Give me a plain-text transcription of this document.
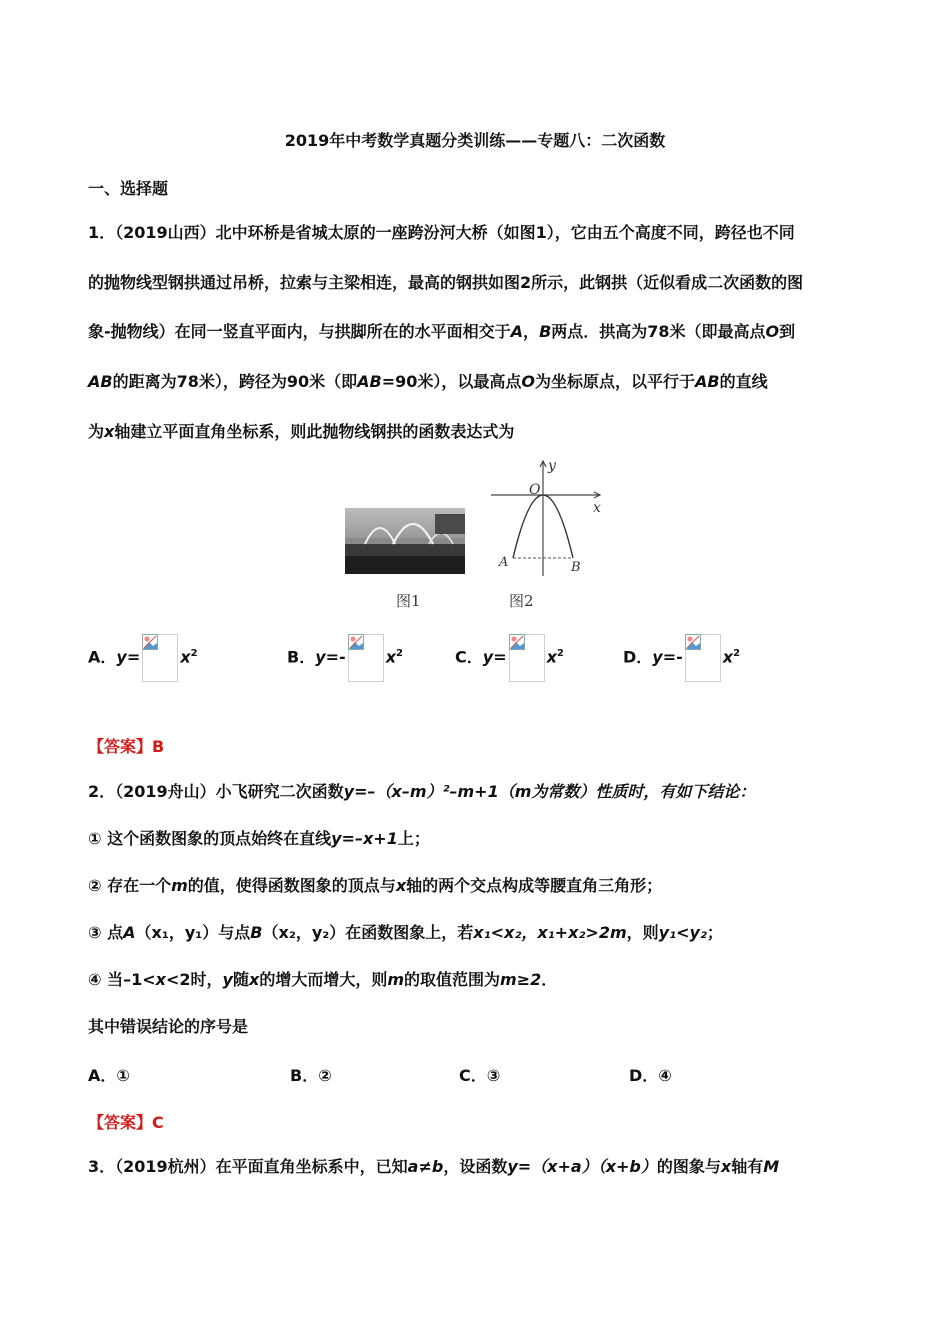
2019年中考数学真题分类训练——专题八：二次函数
一、选择题
1．（2019山西）北中环桥是省城太原的一座跨汾河大桥（如图1），它由五个高度不同，跨径也不同
的抛物线型钢拱通过吊桥，拉索与主梁相连，最高的钢拱如图2所示，此钢拱（近似看成二次函数的图
象-抛物线）在同一竖直平面内，与拱脚所在的水平面相交于A，B两点．拱高为78米（即最高点O到
AB的距离为78米），跨径为90米（即AB=90米），以最高点O为坐标原点，以平行于AB的直线
为x轴建立平面直角坐标系，则此抛物线钢拱的函数表达式为
y
O
x
A	B
图1	图2
A．y=	$x^2$	B．y=-	$x^2$	C．y=	$x^2$	D．y=-	$x^2$
【答案】B
2．（2019舟山）小飞研究二次函数y=–（x–m）²–m+1（m为常数）性质时，有如下结论：
① 这个函数图象的顶点始终在直线y=–x+1上；
② 存在一个m的值，使得函数图象的顶点与x轴的两个交点构成等腰直角三角形；
③ 点A（x₁，y₁）与点B（x₂，y₂）在函数图象上，若x₁<x₂，x₁+x₂>2m，则y₁<y₂；
④ 当–1<x<2时，y随x的增大而增大，则m的取值范围为m≥2．
其中错误结论的序号是
A．①	B．②	C．③	D．④
【答案】C
3．（2019杭州）在平面直角坐标系中，已知a≠b，设函数y=（x+a）（x+b）的图象与x轴有M
